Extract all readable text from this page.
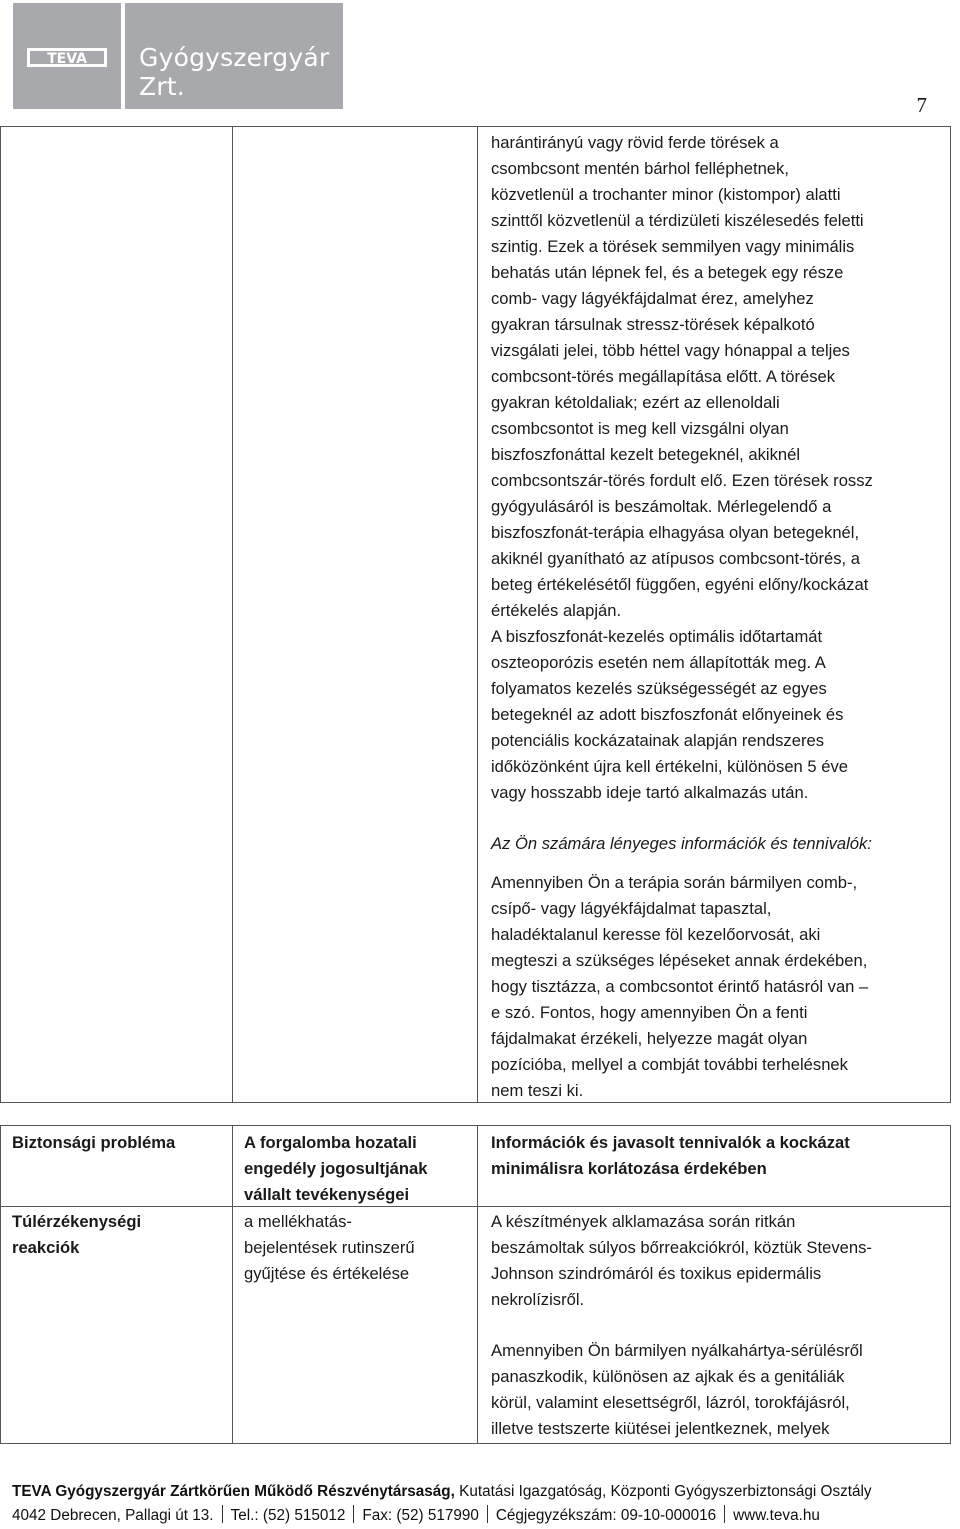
TEVA Gyógyszergyár Zrt.
7
harántirányú vagy rövid ferde törések a
csombcsont mentén bárhol felléphetnek,
közvetlenül a trochanter minor (kistompor) alatti
szinttől közvetlenül a térdizületi kiszélesedés feletti
szintig. Ezek a törések semmilyen vagy minimális
behatás után lépnek fel, és a betegek egy része
comb- vagy lágyékfájdalmat érez, amelyhez
gyakran társulnak stressz-törések képalkotó
vizsgálati jelei, több héttel vagy hónappal a teljes
combcsont-törés megállapítása előtt. A törések
gyakran kétoldaliak; ezért az ellenoldali
csombcsontot is meg kell vizsgálni olyan
biszfoszfonáttal kezelt betegeknél, akiknél
combcsontszár-törés fordult elő. Ezen törések rossz
gyógyulásáról is beszámoltak. Mérlegelendő a
biszfoszfonát-terápia elhagyása olyan betegeknél,
akiknél gyanítható az atípusos combcsont-törés, a
beteg értékelésétől függően, egyéni előny/kockázat
értékelés alapján.
A biszfoszfonát-kezelés optimális időtartamát
oszteoporózis esetén nem állapították meg. A
folyamatos kezelés szükségességét az egyes
betegeknél az adott biszfoszfonát előnyeinek és
potenciális kockázatainak alapján rendszeres
időközönként újra kell értékelni, különösen 5 éve
vagy hosszabb ideje tartó alkalmazás után.
Az Ön számára lényeges információk és tennivalók:
Amennyiben Ön a terápia során bármilyen comb-,
csípő- vagy lágyékfájdalmat tapasztal,
haladéktalanul keresse föl kezelőorvosát, aki
megteszi a szükséges lépéseket annak érdekében,
hogy tisztázza, a combcsontot érintő hatásról van –
e szó. Fontos, hogy amennyiben Ön a fenti
fájdalmakat érzékeli, helyezze magát olyan
pozícióba, mellyel a combját további terhelésnek
nem teszi ki.
Biztonsági probléma	A forgalomba hozatali
engedély jogosultjának
vállalt tevékenységei
Információk és javasolt tennivalók a kockázat
minimálisra korlátozása érdekében
Túlérzékenységi
reakciók
a mellékhatás-
bejelentések rutinszerű
gyűjtése és értékelése
A készítmények alklamazása során ritkán
beszámoltak súlyos bőrreakciókról, köztük Stevens-
Johnson szindrómáról és toxikus epidermális
nekrolízisről.
Amennyiben Ön bármilyen nyálkahártya-sérülésről
panaszkodik, különösen az ajkak és a genitáliák
körül, valamint elesettségről, lázról, torokfájásról,
illetve testszerte kiütései jelentkeznek, melyek
TEVA Gyógyszergyár Zártkörűen Működő Részvénytársaság, Kutatási Igazgatóság, Központi Gyógyszerbiztonsági Osztály
4042 Debrecen, Pallagi út 13. Tel.: (52) 515012 Fax: (52) 517990 Cégjegyzékszám: 09-10-000016 www.teva.hu
